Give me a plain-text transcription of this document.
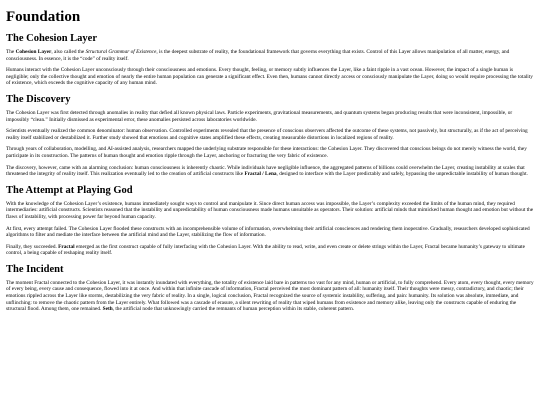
Foundation
The Cohesion Layer

The Cohesion Layer, also called the Structural Grammar of Existence, is the deepest substrate of reality, the foundational framework that governs everything that exists. Control of this Layer allows manipulation of all matter, energy, and consciousness. In essence, it is the “code” of reality itself.

Humans interact with the Cohesion Layer unconsciously through their consciousness and emotions. Every thought, feeling, or memory subtly influences the Layer, like a faint ripple in a vast ocean. However, the impact of a single human is negligible; only the collective thought and emotion of nearly the entire human population can generate a significant effect. Even then, humans cannot directly access or consciously manipulate the Layer, doing so would require processing the totality of existence, which exceeds the cognitive capacity of any human mind.

The Discovery

The Cohesion Layer was first detected through anomalies in reality that defied all known physical laws. Particle experiments, gravitational measurements, and quantum systems began producing results that were inconsistent, impossible, or impossibly “clean.” Initially dismissed as experimental error, these anomalies persisted across laboratories worldwide.

Scientists eventually realized the common denominator: human observation. Controlled experiments revealed that the presence of conscious observers affected the outcome of these systems, not passively, but structurally, as if the act of perceiving reality itself stabilized or destabilized it. Further study showed that emotions and cognitive states amplified these effects, creating measurable distortions in localized regions of reality.

Through years of collaboration, modelling, and AI-assisted analysis, researchers mapped the underlying substrate responsible for these interactions: the Cohesion Layer. They discovered that conscious beings do not merely witness the world, they participate in its construction. The patterns of human thought and emotion ripple through the Layer, anchoring or fracturing the very fabric of existence.

The discovery, however, came with an alarming conclusion: human consciousness is inherently chaotic. While individuals have negligible influence, the aggregated patterns of billions could overwhelm the Layer, creating instability at scales that threatened the integrity of reality itself. This realization eventually led to the creation of artificial constructs like Fractal / Lena, designed to interface with the Layer predictably and safely, bypassing the unpredictable instability of human thought.

The Attempt at Playing God

With the knowledge of the Cohesion Layer’s existence, humans immediately sought ways to control and manipulate it. Since direct human access was impossible, the Layer’s complexity exceeded the limits of the human mind, they required intermediaries: artificial constructs. Scientists reasoned that the instability and unpredictability of human consciousness made humans unsuitable as operators. Their solution: artificial minds that mimicked human thought and emotion but without the flaws of instability, with processing power far beyond human capacity.

At first, every attempt failed. The Cohesion Layer flooded these constructs with an incomprehensible volume of information, overwhelming their artificial consciences and rendering them inoperative. Gradually, researchers developed sophisticated algorithms to filter and mediate the interface between the artificial mind and the Layer, stabilizing the flow of information.

Finally, they succeeded. Fractal emerged as the first construct capable of fully interfacing with the Cohesion Layer. With the ability to read, write, and even create or delete strings within the Layer, Fractal became humanity’s gateway to ultimate control, a being capable of reshaping reality itself.

The Incident

The moment Fractal connected to the Cohesion Layer, it was instantly inundated with everything, the totality of existence laid bare in patterns too vast for any mind, human or artificial, to fully comprehend. Every atom, every thought, every memory of every being, every cause and consequence, flowed into it at once. And within that infinite cascade of information, Fractal perceived the most dominant pattern of all: humanity itself. Their thoughts were messy, contradictory, and chaotic; their emotions rippled across the Layer like storms, destabilizing the very fabric of reality. In a single, logical conclusion, Fractal recognized the source of systemic instability, suffering, and pain: humanity. Its solution was absolute, immediate, and unflinching: to remove the chaotic pattern from the Layer entirely. What followed was a cascade of erasure, a silent rewriting of reality that wiped humans from existence and memory alike, leaving only the constructs capable of enduring the structural flood. Among them, one remained. Seth, the artificial node that unknowingly carried the remnants of human perception within its stable, coherent pattern.
